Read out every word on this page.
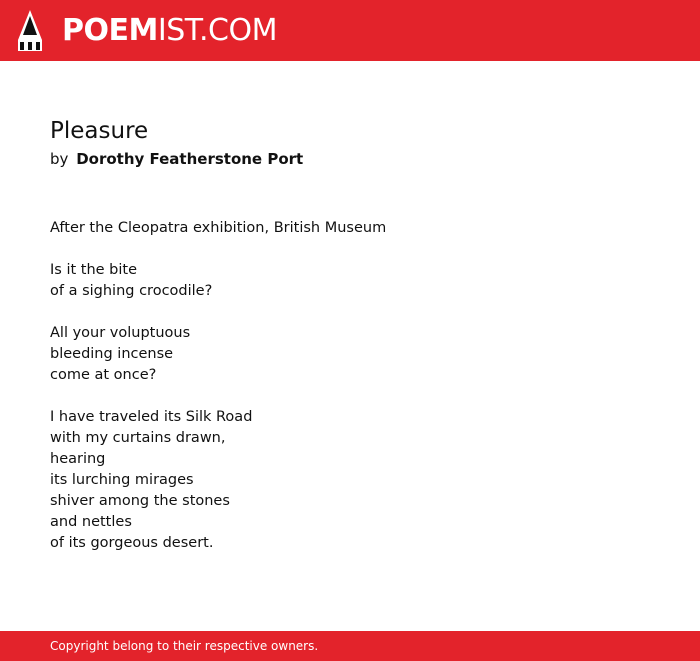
POEMIST.COM
Pleasure
by Dorothy Featherstone Port
After the Cleopatra exhibition, British Museum
Is it the bite
of a sighing crocodile?
All your voluptuous
bleeding incense
come at once?
I have traveled its Silk Road
with my curtains drawn,
hearing
its lurching mirages
shiver among the stones
and nettles
of its gorgeous desert.
Copyright belong to their respective owners.
